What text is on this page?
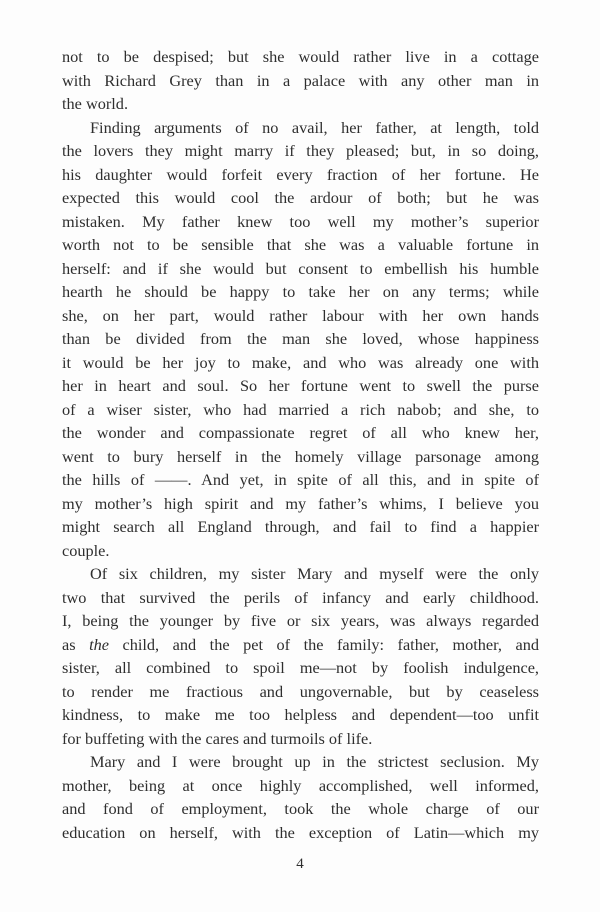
not to be despised; but she would rather live in a cottage
with Richard Grey than in a palace with any other man in
the world.
Finding arguments of no avail, her father, at length, told
the lovers they might marry if they pleased; but, in so doing,
his daughter would forfeit every fraction of her fortune. He
expected this would cool the ardour of both; but he was
mistaken. My father knew too well my mother’s superior
worth not to be sensible that she was a valuable fortune in
herself: and if she would but consent to embellish his humble
hearth he should be happy to take her on any terms; while
she, on her part, would rather labour with her own hands
than be divided from the man she loved, whose happiness
it would be her joy to make, and who was already one with
her in heart and soul. So her fortune went to swell the purse
of a wiser sister, who had married a rich nabob; and she, to
the wonder and compassionate regret of all who knew her,
went to bury herself in the homely village parsonage among
the hills of ——. And yet, in spite of all this, and in spite of
my mother’s high spirit and my father’s whims, I believe you
might search all England through, and fail to find a happier
couple.
Of six children, my sister Mary and myself were the only
two that survived the perils of infancy and early childhood.
I, being the younger by five or six years, was always regarded
as the child, and the pet of the family: father, mother, and
sister, all combined to spoil me—not by foolish indulgence,
to render me fractious and ungovernable, but by ceaseless
kindness, to make me too helpless and dependent—too unfit
for buffeting with the cares and turmoils of life.
Mary and I were brought up in the strictest seclusion. My
mother, being at once highly accomplished, well informed,
and fond of employment, took the whole charge of our
education on herself, with the exception of Latin—which my
4
